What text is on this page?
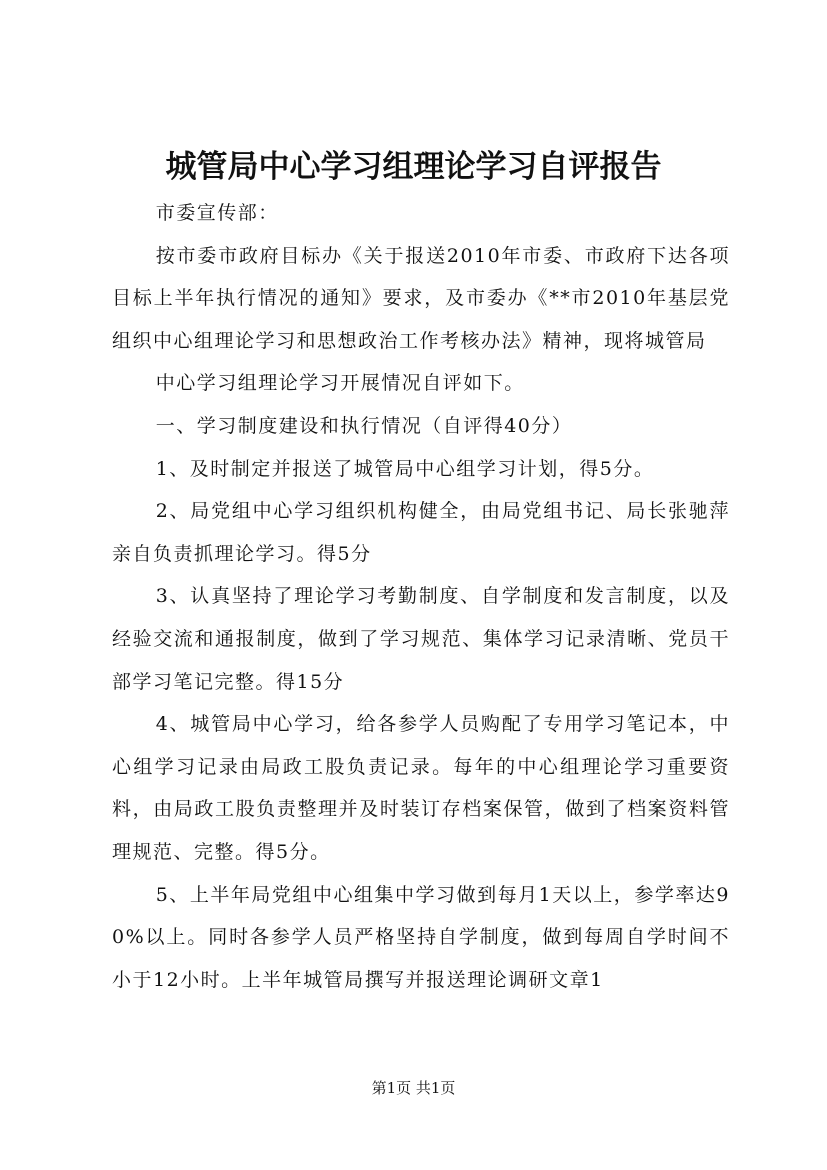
城管局中心学习组理论学习自评报告

市委宣传部：

按市委市政府目标办《关于报送2010年市委、市政府下达各项目标上半年执行情况的通知》要求，及市委办《**市2010年基层党组织中心组理论学习和思想政治工作考核办法》精神，现将城管局

中心学习组理论学习开展情况自评如下。

一、学习制度建设和执行情况（自评得40分）

1、及时制定并报送了城管局中心组学习计划，得5分。

2、局党组中心学习组织机构健全，由局党组书记、局长张驰萍亲自负责抓理论学习。得5分

3、认真坚持了理论学习考勤制度、自学制度和发言制度，以及经验交流和通报制度，做到了学习规范、集体学习记录清晰、党员干部学习笔记完整。得15分

4、城管局中心学习，给各参学人员购配了专用学习笔记本，中心组学习记录由局政工股负责记录。每年的中心组理论学习重要资料，由局政工股负责整理并及时装订存档案保管，做到了档案资料管理规范、完整。得5分。

5、上半年局党组中心组集中学习做到每月1天以上，参学率达90%以上。同时各参学人员严格坚持自学制度，做到每周自学时间不小于12小时。上半年城管局撰写并报送理论调研文章1

第1页 共1页
